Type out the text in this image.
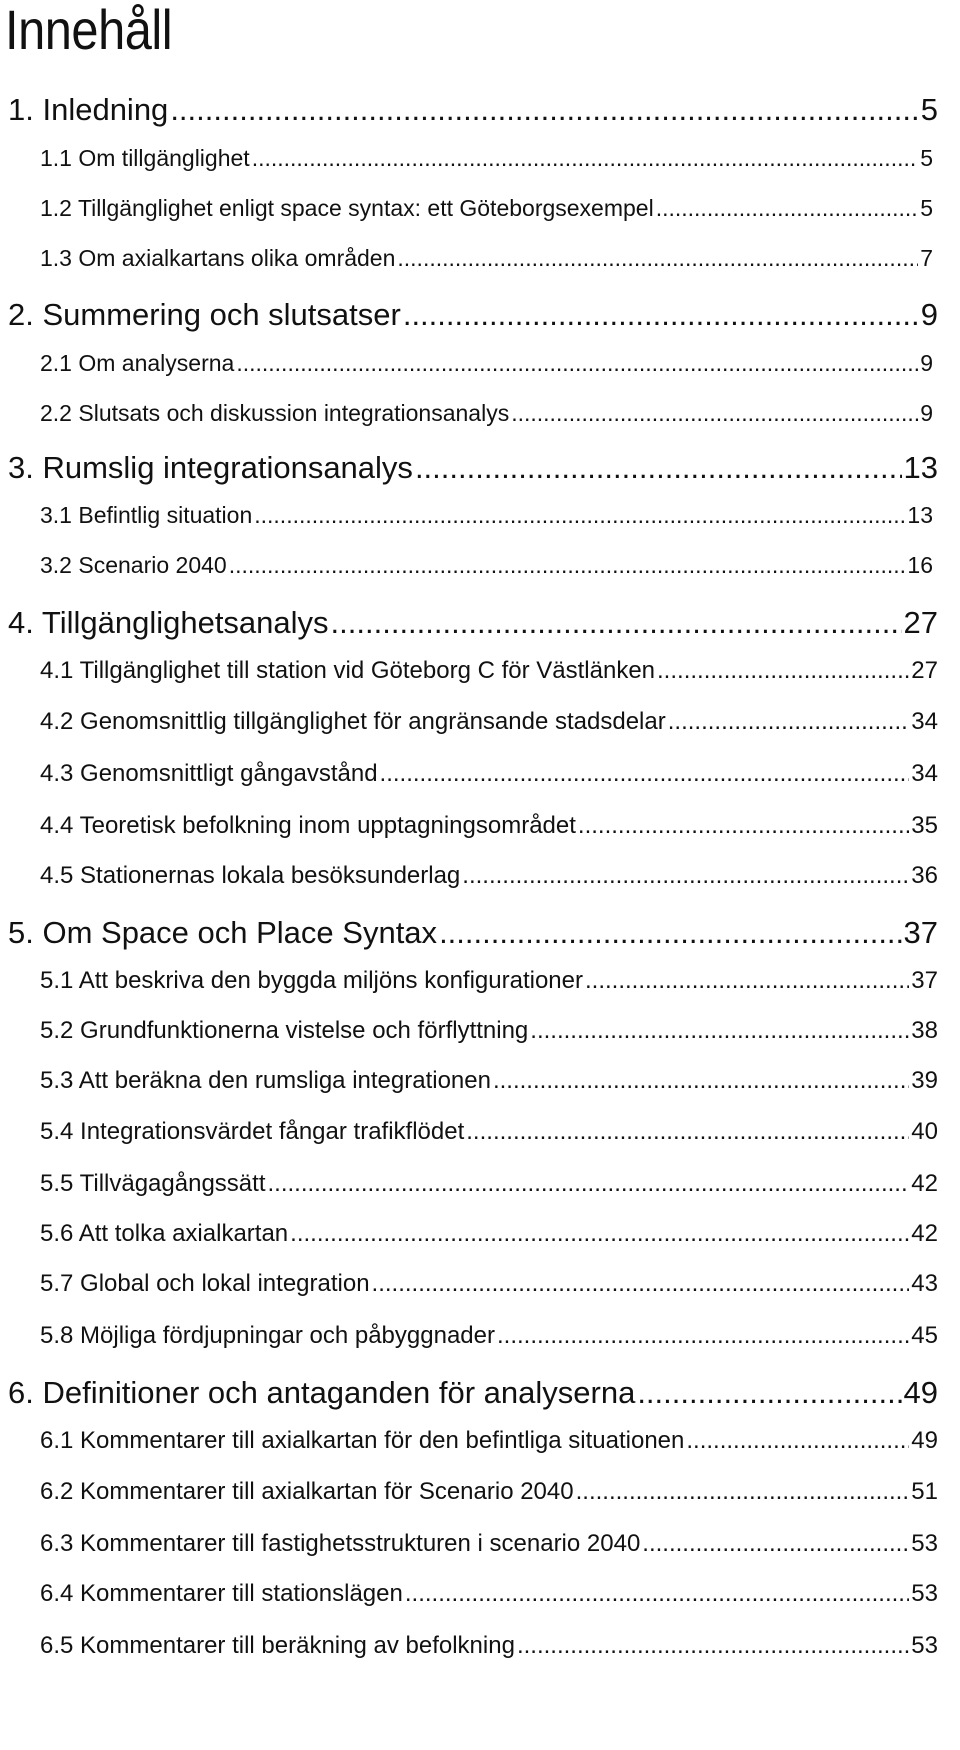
Innehåll
1. Inledning .....	5
1.1 Om tillgänglighet .....	5
1.2 Tillgänglighet enligt space syntax: ett Göteborgsexempel .....	5
1.3 Om axialkartans olika områden .....	7
2. Summering och slutsatser .....	9
2.1 Om analyserna .....	9
2.2 Slutsats och diskussion integrationsanalys .....	9
3. Rumslig integrationsanalys .....	13
3.1 Befintlig situation .....	13
3.2 Scenario 2040 .....	16
4. Tillgänglighetsanalys .....	27
4.1 Tillgänglighet till station vid Göteborg C för Västlänken .....	27
4.2 Genomsnittlig tillgänglighet för angränsande stadsdelar .....	34
4.3 Genomsnittligt gångavstånd .....	34
4.4 Teoretisk befolkning inom upptagningsområdet .....	35
4.5 Stationernas lokala besöksunderlag .....	36
5. Om Space och Place Syntax .....	37
5.1 Att beskriva den byggda miljöns konfigurationer .....	37
5.2 Grundfunktionerna vistelse och förflyttning .....	38
5.3 Att beräkna den rumsliga integrationen .....	39
5.4 Integrationsvärdet fångar trafikflödet .....	40
5.5 Tillvägagångssätt .....	42
5.6 Att tolka axialkartan .....	42
5.7 Global och lokal integration .....	43
5.8 Möjliga fördjupningar och påbyggnader .....	45
6. Definitioner och antaganden för analyserna .....	49
6.1 Kommentarer till axialkartan för den befintliga situationen .....	49
6.2 Kommentarer till axialkartan för Scenario 2040 .....	51
6.3 Kommentarer till fastighetsstrukturen i scenario 2040 .....	53
6.4 Kommentarer till stationslägen .....	53
6.5 Kommentarer till beräkning av befolkning .....	53
